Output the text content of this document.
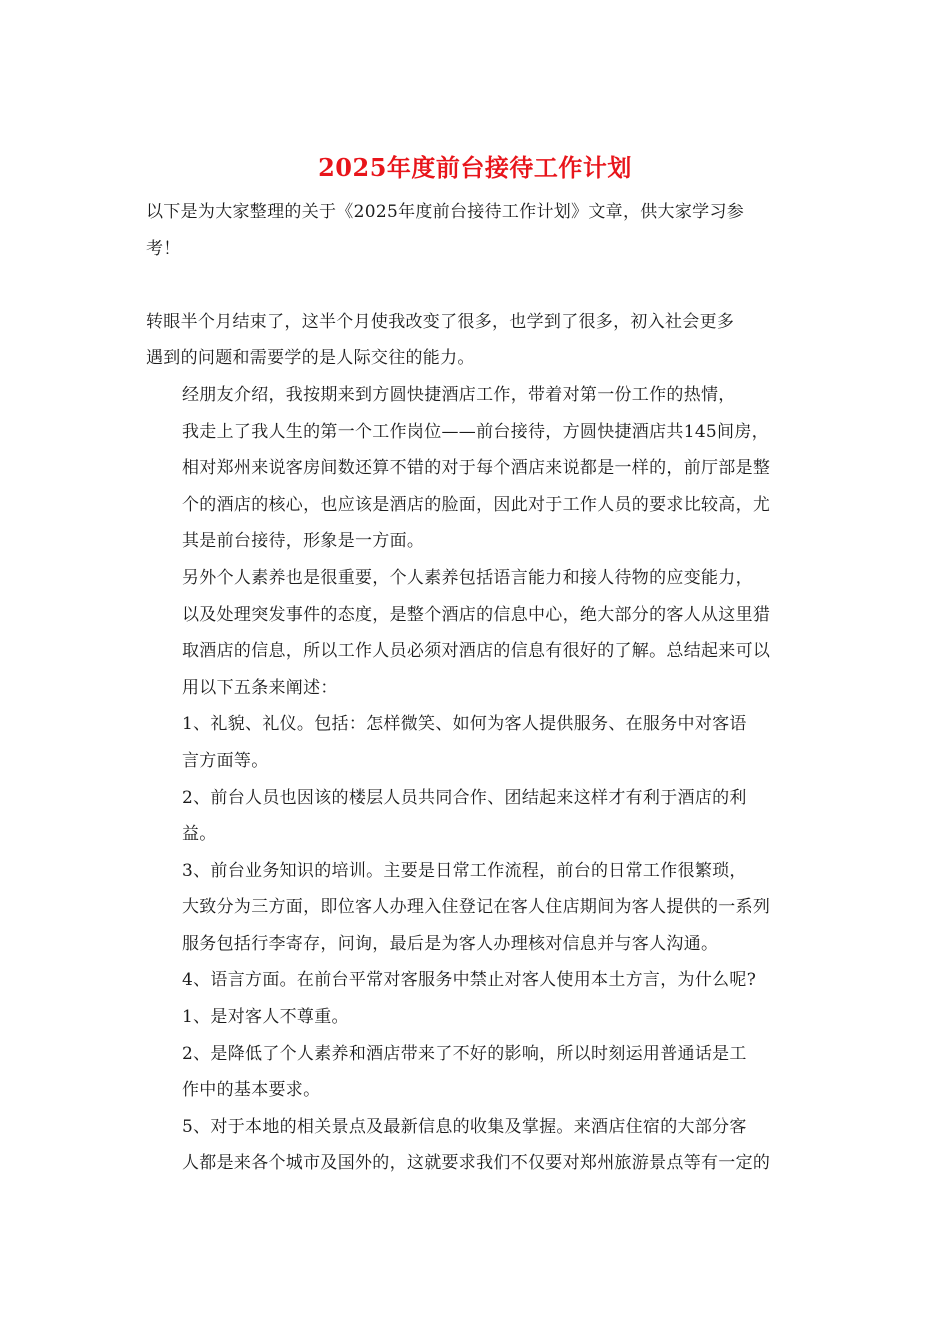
2025年度前台接待工作计划

以下是为大家整理的关于《2025年度前台接待工作计划》文章，供大家学习参
考！

转眼半个月结束了，这半个月使我改变了很多，也学到了很多，初入社会更多
遇到的问题和需要学的是人际交往的能力。

经朋友介绍，我按期来到方圆快捷酒店工作，带着对第一份工作的热情，
我走上了我人生的第一个工作岗位——前台接待，方圆快捷酒店共145间房，
相对郑州来说客房间数还算不错的对于每个酒店来说都是一样的，前厅部是整
个的酒店的核心，也应该是酒店的脸面，因此对于工作人员的要求比较高，尤
其是前台接待，形象是一方面。

另外个人素养也是很重要，个人素养包括语言能力和接人待物的应变能力，
以及处理突发事件的态度，是整个酒店的信息中心，绝大部分的客人从这里猎
取酒店的信息，所以工作人员必须对酒店的信息有很好的了解。总结起来可以
用以下五条来阐述：

1、礼貌、礼仪。包括：怎样微笑、如何为客人提供服务、在服务中对客语
言方面等。

2、前台人员也因该的楼层人员共同合作、团结起来这样才有利于酒店的利
益。

3、前台业务知识的培训。主要是日常工作流程，前台的日常工作很繁琐，
大致分为三方面，即位客人办理入住登记在客人住店期间为客人提供的一系列
服务包括行李寄存，问询，最后是为客人办理核对信息并与客人沟通。

4、语言方面。在前台平常对客服务中禁止对客人使用本土方言，为什么呢?

1、是对客人不尊重。

2、是降低了个人素养和酒店带来了不好的影响，所以时刻运用普通话是工
作中的基本要求。

5、对于本地的相关景点及最新信息的收集及掌握。来酒店住宿的大部分客
人都是来各个城市及国外的，这就要求我们不仅要对郑州旅游景点等有一定的
